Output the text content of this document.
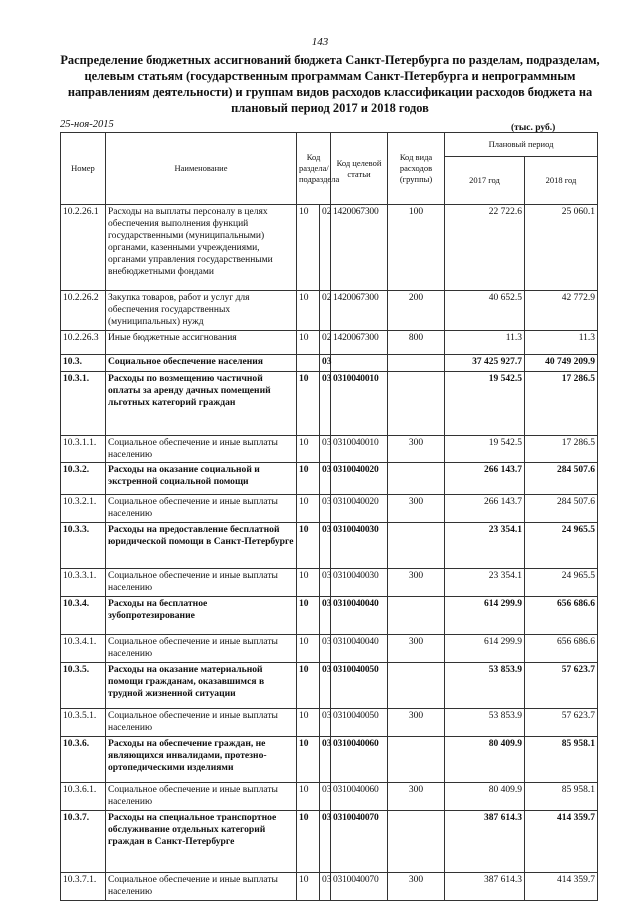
143
Распределение бюджетных ассигнований бюджета Санкт-Петербурга по разделам, подразделам, целевым статьям (государственным программам Санкт-Петербурга и непрограммным направлениям деятельности) и группам видов расходов классификации расходов бюджета на плановый период 2017 и 2018 годов
25-ноя-2015	(тыс. руб.)
Номер	Наименование	Код раздела/ подраздела		Код целевой статьи	Код вида расходов (группы)	Плановый период	
						2017 год	2018 год
10.2.26.1	Расходы на выплаты персоналу в целях обеспечения выполнения функций государственными (муниципальными) органами, казенными учреждениями, органами управления государственными внебюджетными фондами	10	02	1420067300	100	22 722.6	25 060.1
10.2.26.2	Закупка товаров, работ и услуг для обеспечения государственных (муниципальных) нужд	10	02	1420067300	200	40 652.5	42 772.9
10.2.26.3	Иные бюджетные ассигнования	10	02	1420067300	800	11.3	11.3
10.3.	Социальное обеспечение населения		03			37 425 927.7	40 749 209.9
10.3.1.	Расходы по возмещению частичной оплаты за аренду дачных помещений льготных категорий граждан	10	03	0310040010		19 542.5	17 286.5
10.3.1.1.	Социальное обеспечение и иные выплаты населению	10	03	0310040010	300	19 542.5	17 286.5
10.3.2.	Расходы на оказание социальной и экстренной социальной помощи	10	03	0310040020		266 143.7	284 507.6
10.3.2.1.	Социальное обеспечение и иные выплаты населению	10	03	0310040020	300	266 143.7	284 507.6
10.3.3.	Расходы на предоставление бесплатной юридической помощи в Санкт-Петербурге	10	03	0310040030		23 354.1	24 965.5
10.3.3.1.	Социальное обеспечение и иные выплаты населению	10	03	0310040030	300	23 354.1	24 965.5
10.3.4.	Расходы на бесплатное зубопротезирование	10	03	0310040040		614 299.9	656 686.6
10.3.4.1.	Социальное обеспечение и иные выплаты населению	10	03	0310040040	300	614 299.9	656 686.6
10.3.5.	Расходы на оказание материальной помощи гражданам, оказавшимся в трудной жизненной ситуации	10	03	0310040050		53 853.9	57 623.7
10.3.5.1.	Социальное обеспечение и иные выплаты населению	10	03	0310040050	300	53 853.9	57 623.7
10.3.6.	Расходы на обеспечение граждан, не являющихся инвалидами, протезно-ортопедическими изделиями	10	03	0310040060		80 409.9	85 958.1
10.3.6.1.	Социальное обеспечение и иные выплаты населению	10	03	0310040060	300	80 409.9	85 958.1
10.3.7.	Расходы на специальное транспортное обслуживание отдельных категорий граждан в Санкт-Петербурге	10	03	0310040070		387 614.3	414 359.7
10.3.7.1.	Социальное обеспечение и иные выплаты населению	10	03	0310040070	300	387 614.3	414 359.7
